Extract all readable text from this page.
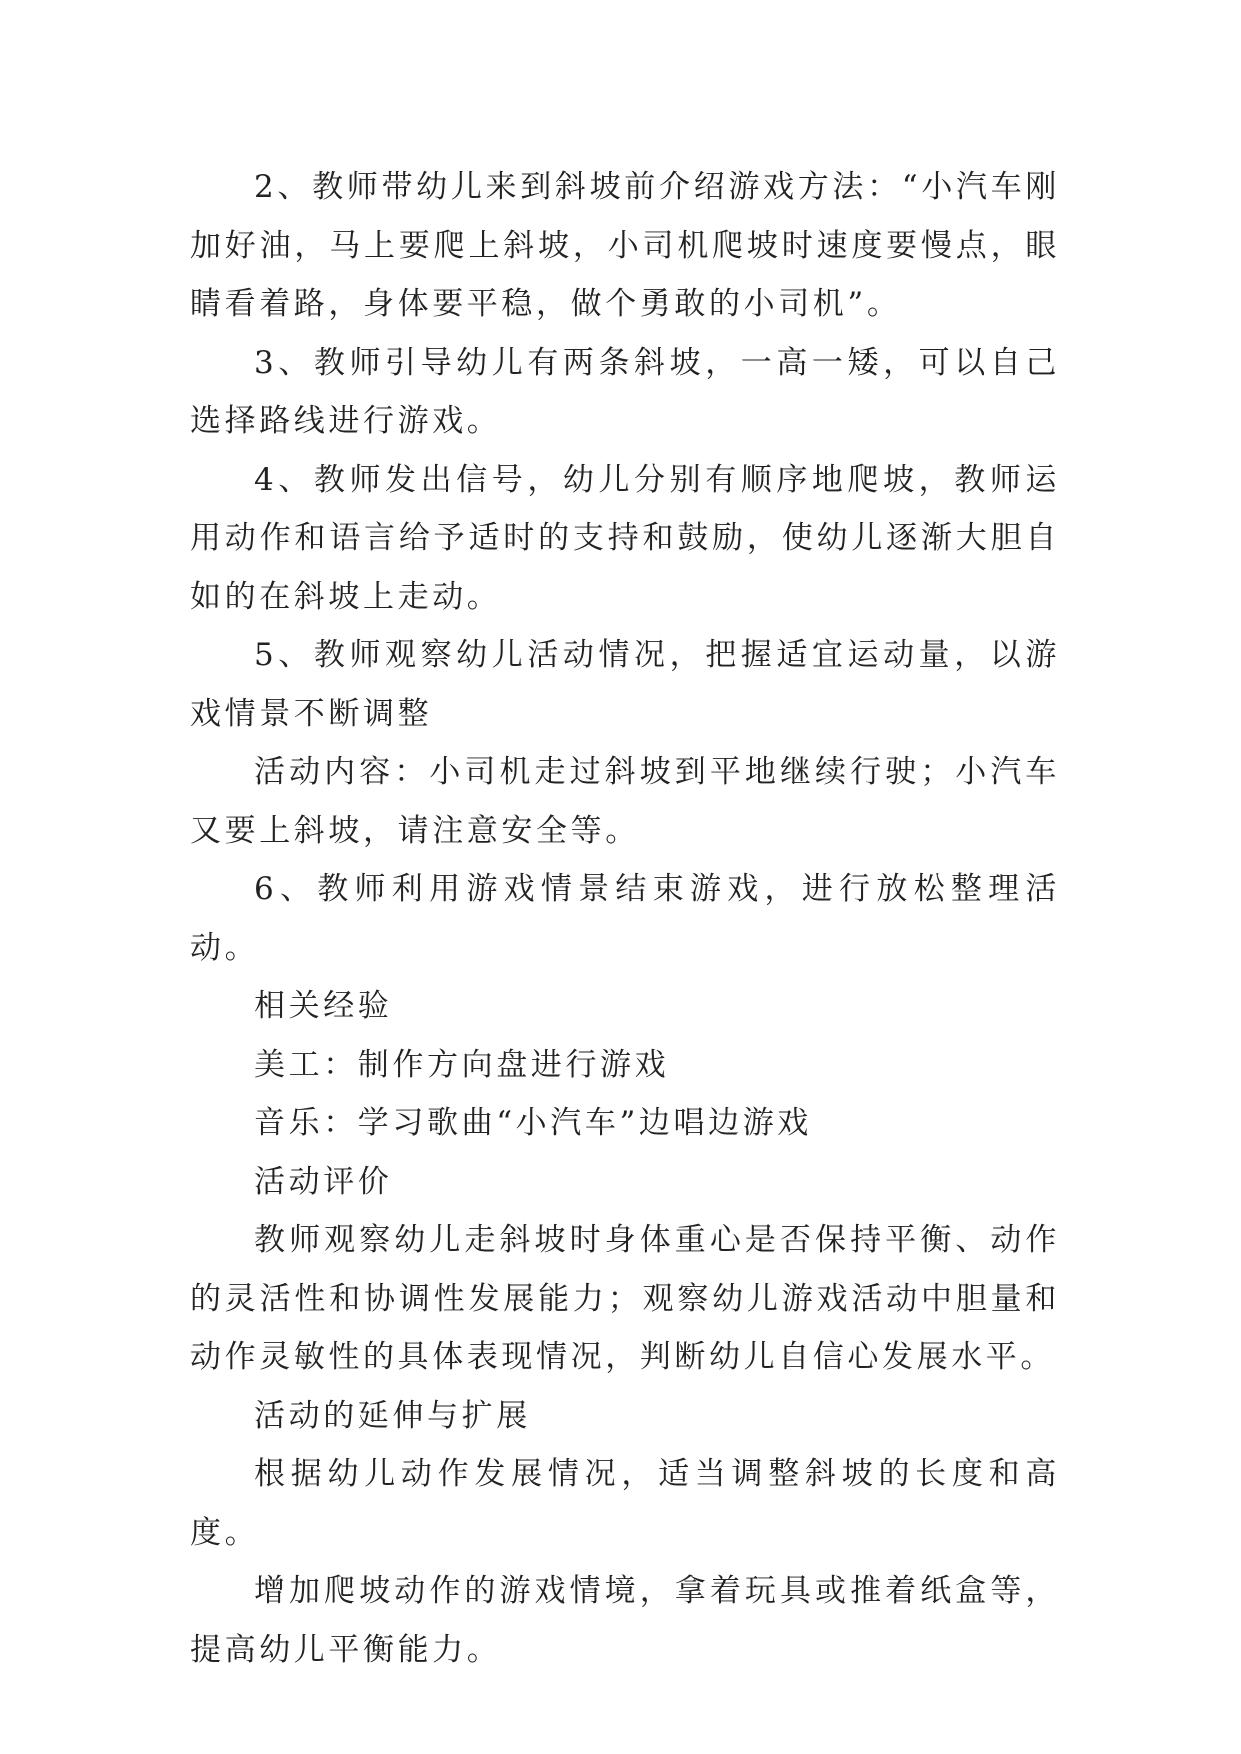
2、教师带幼儿来到斜坡前介绍游戏方法：“小汽车刚加好油，马上要爬上斜坡，小司机爬坡时速度要慢点，眼睛看着路，身体要平稳，做个勇敢的小司机”。

3、教师引导幼儿有两条斜坡，一高一矮，可以自己选择路线进行游戏。

4、教师发出信号，幼儿分别有顺序地爬坡，教师运用动作和语言给予适时的支持和鼓励，使幼儿逐渐大胆自如的在斜坡上走动。

5、教师观察幼儿活动情况，把握适宜运动量，以游戏情景不断调整

活动内容：小司机走过斜坡到平地继续行驶；小汽车又要上斜坡，请注意安全等。

6、教师利用游戏情景结束游戏，进行放松整理活动。

相关经验

美工：制作方向盘进行游戏

音乐：学习歌曲“小汽车”边唱边游戏

活动评价

教师观察幼儿走斜坡时身体重心是否保持平衡、动作的灵活性和协调性发展能力；观察幼儿游戏活动中胆量和动作灵敏性的具体表现情况，判断幼儿自信心发展水平。

活动的延伸与扩展

根据幼儿动作发展情况，适当调整斜坡的长度和高度。

增加爬坡动作的游戏情境，拿着玩具或推着纸盒等，提高幼儿平衡能力。
